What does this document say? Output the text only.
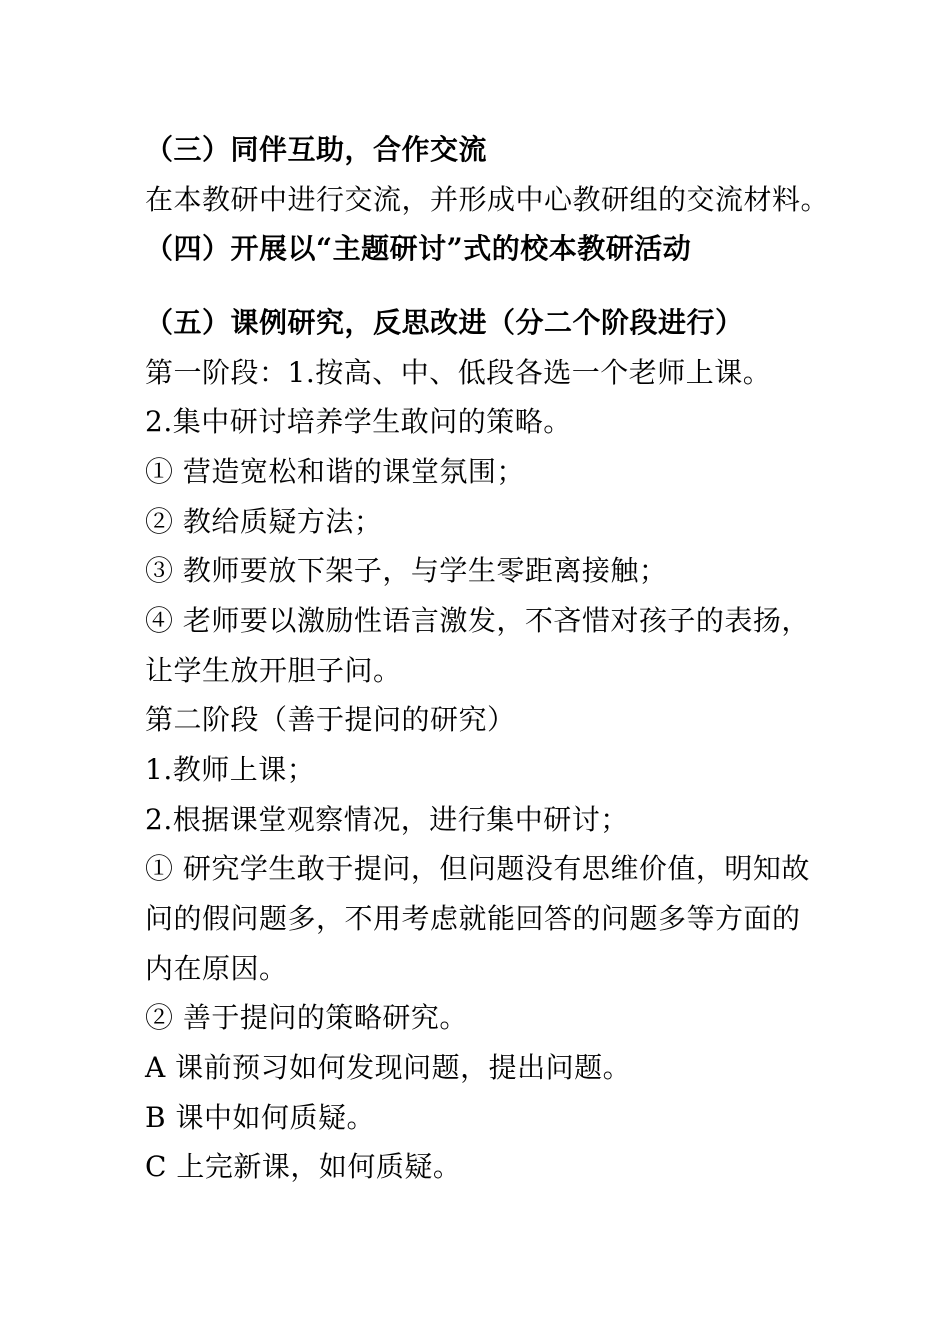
（三）同伴互助，合作交流
在本教研中进行交流，并形成中心教研组的交流材料。
（四）开展以“主题研讨”式的校本教研活动
（五）课例研究，反思改进（分二个阶段进行）
第一阶段：1.按高、中、低段各选一个老师上课。
2.集中研讨培养学生敢问的策略。
① 营造宽松和谐的课堂氛围；
② 教给质疑方法；
③ 教师要放下架子，与学生零距离接触；
④ 老师要以激励性语言激发，不吝惜对孩子的表扬，
让学生放开胆子问。
第二阶段（善于提问的研究）
1.教师上课；
2.根据课堂观察情况，进行集中研讨；
① 研究学生敢于提问，但问题没有思维价值，明知故
问的假问题多，不用考虑就能回答的问题多等方面的
内在原因。
② 善于提问的策略研究。
A 课前预习如何发现问题，提出问题。
B 课中如何质疑。
C 上完新课，如何质疑。
